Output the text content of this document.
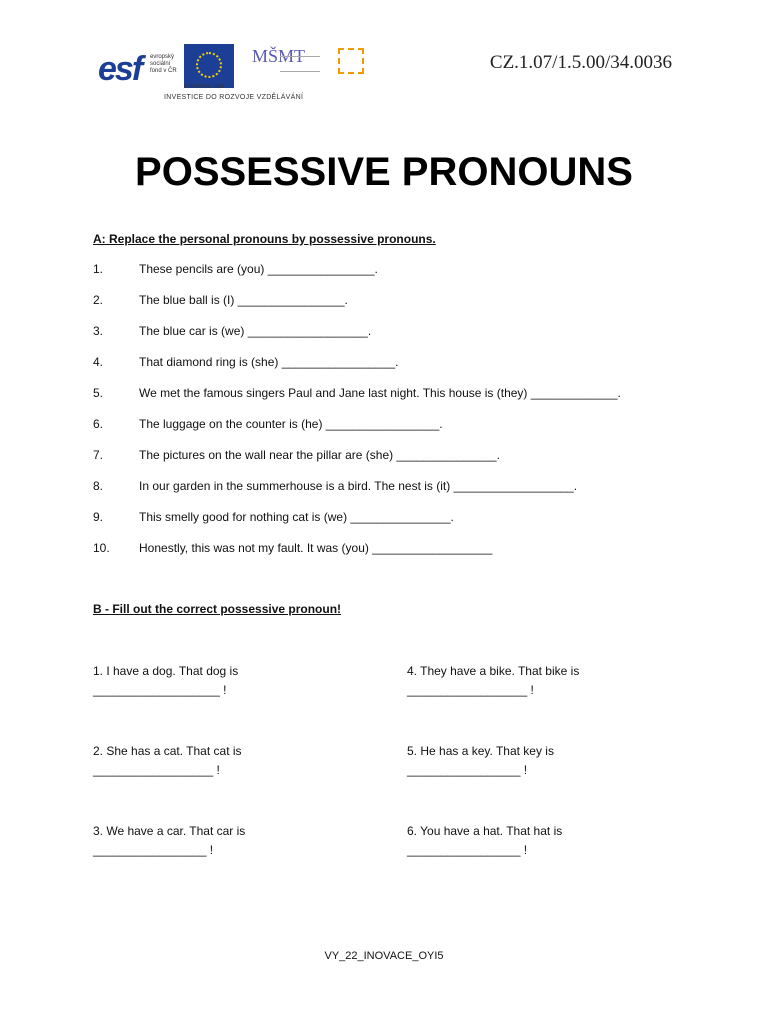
esf evropský sociální fond v ČR
EVROPSKÁ UNIE
MŠMT
INVESTICE DO ROZVOJE VZDĚLÁVÁNÍ
CZ.1.07/1.5.00/34.0036
POSSESSIVE PRONOUNS
A: Replace the personal pronouns by possessive pronouns.
1.	These pencils are (you) ________________.
2.	The blue ball is (I) ________________.
3.	The blue car is (we) __________________.
4.	That diamond ring is (she) _________________.
5.	We met the famous singers Paul and Jane last night. This house is (they) _____________.
6.	The luggage on the counter is (he) _________________.
7.	The pictures on the wall near the pillar are (she) _______________.
8.	In our garden in the summerhouse is a bird. The nest is (it) __________________.
9.	This smelly good for nothing cat is (we) _______________.
10. Honestly, this was not my fault. It was (you) __________________
B - Fill out the correct possessive pronoun!
1. I have a dog. That dog is
___________________ !
2. She has a cat. That cat is
__________________ !
3. We have a car. That car is
_________________ !
4. They have a bike. That bike is
__________________ !
5. He has a key. That key is
_________________ !
6. You have a hat. That hat is
_________________ !
VY_22_INOVACE_OYI5
